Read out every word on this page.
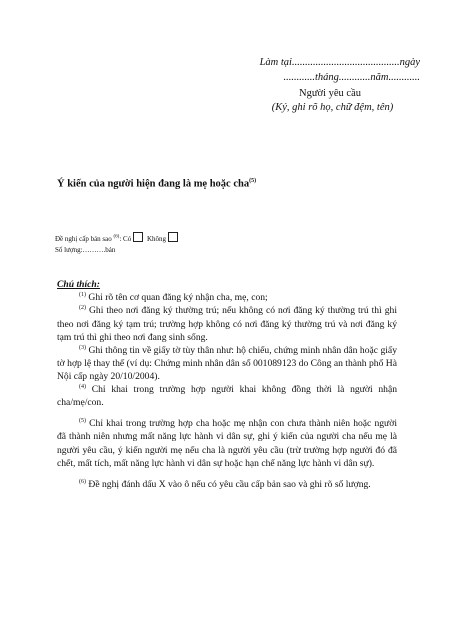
Làm tại.........................................ngày
............tháng............năm............
Người yêu cầu
(Ký, ghi rõ họ, chữ đệm, tên)
Ý kiến của người hiện đang là mẹ hoặc cha$^{(5)}$
Đề nghị cấp bản sao $^{(6)}$: Có Không
Số lượng:……….bản
Chú thích:

$^{(1)}$ Ghi rõ tên cơ quan đăng ký nhận cha, mẹ, con;

$^{(2)}$ Ghi theo nơi đăng ký thường trú; nếu không có nơi đăng ký thường trú thì ghi theo nơi đăng ký tạm trú; trường hợp không có nơi đăng ký thường trú và nơi đăng ký tạm trú thì ghi theo nơi đang sinh sống.

$^{(3)}$ Ghi thông tin về giấy tờ tùy thân như: hộ chiếu, chứng minh nhân dân hoặc giấy tờ hợp lệ thay thế (ví dụ: Chứng minh nhân dân số 001089123 do Công an thành phố Hà Nội cấp ngày 20/10/2004).

$^{(4)}$ Chỉ khai trong trường hợp người khai không đồng thời là người nhận cha/mẹ/con.

$^{(5)}$ Chỉ khai trong trường hợp cha hoặc mẹ nhận con chưa thành niên hoặc người đã thành niên nhưng mất năng lực hành vi dân sự, ghi ý kiến của người cha nếu mẹ là người yêu cầu, ý kiến người mẹ nếu cha là người yêu cầu (trừ trường hợp người đó đã chết, mất tích, mất năng lực hành vi dân sự hoặc hạn chế năng lực hành vi dân sự).

$^{(6)}$ Đề nghị đánh dấu X vào ô nếu có yêu cầu cấp bản sao và ghi rõ số lượng.
